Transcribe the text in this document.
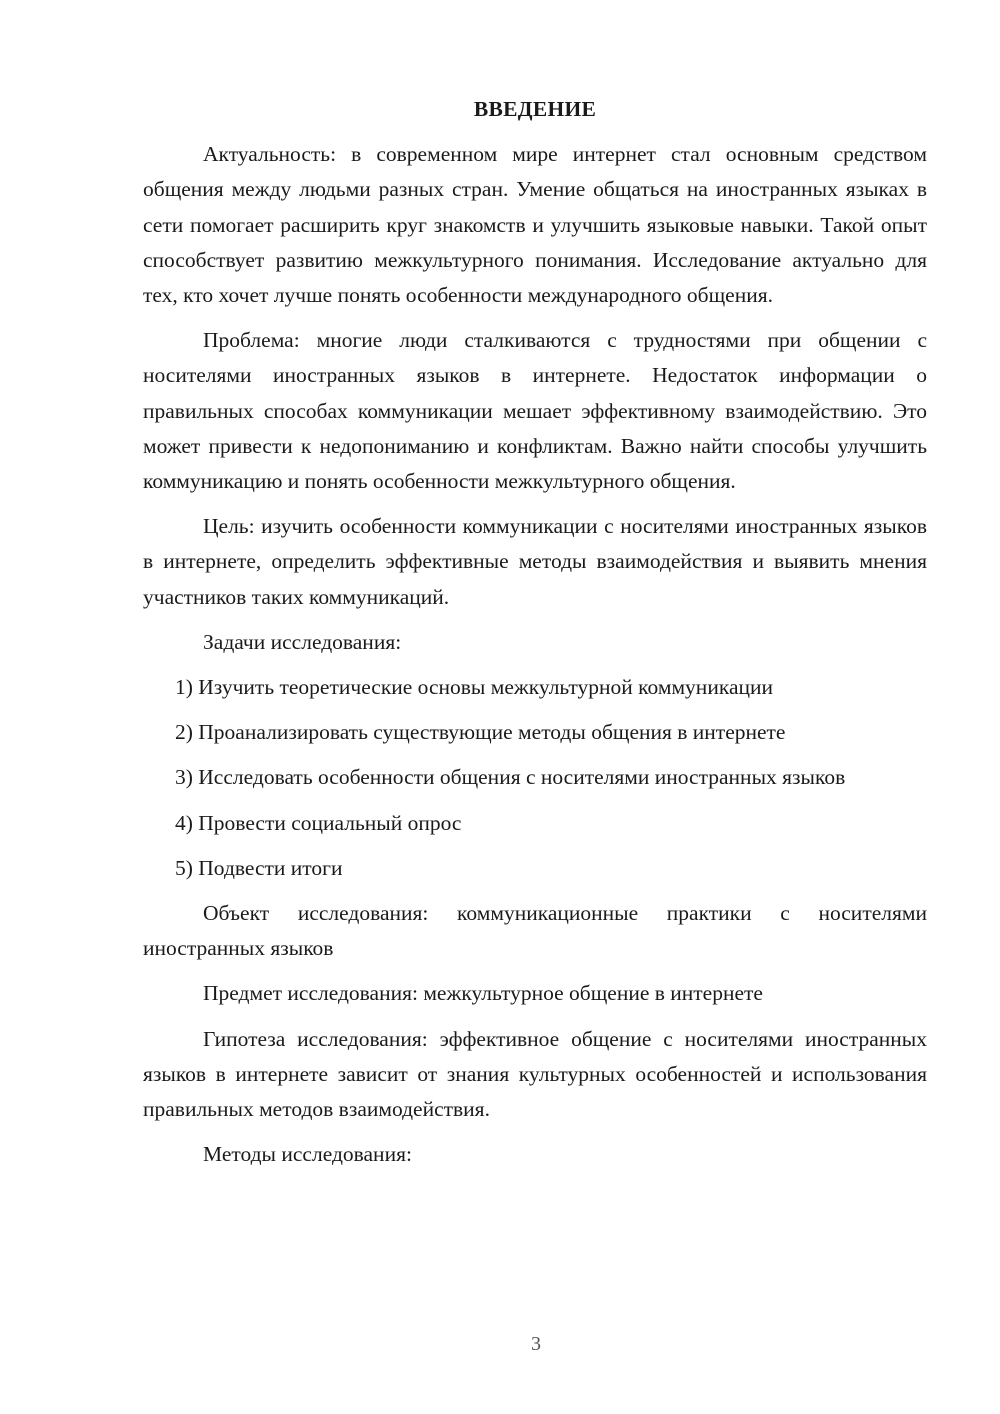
ВВЕДЕНИЕ

Актуальность: в современном мире интернет стал основным средством общения между людьми разных стран. Умение общаться на иностранных языках в сети помогает расширить круг знакомств и улучшить языковые навыки. Такой опыт способствует развитию межкультурного понимания. Исследование актуально для тех, кто хочет лучше понять особенности международного общения.

Проблема: многие люди сталкиваются с трудностями при общении с носителями иностранных языков в интернете. Недостаток информации о правильных способах коммуникации мешает эффективному взаимодействию. Это может привести к недопониманию и конфликтам. Важно найти способы улучшить коммуникацию и понять особенности межкультурного общения.

Цель: изучить особенности коммуникации с носителями иностранных языков в интернете, определить эффективные методы взаимодействия и выявить мнения участников таких коммуникаций.

Задачи исследования:

1) Изучить теоретические основы межкультурной коммуникации

2) Проанализировать существующие методы общения в интернете

3) Исследовать особенности общения с носителями иностранных языков

4) Провести социальный опрос

5) Подвести итоги

Объект исследования: коммуникационные практики с носителями иностранных языков

Предмет исследования: межкультурное общение в интернете

Гипотеза исследования: эффективное общение с носителями иностранных языков в интернете зависит от знания культурных особенностей и использования правильных методов взаимодействия.

Методы исследования:

3
